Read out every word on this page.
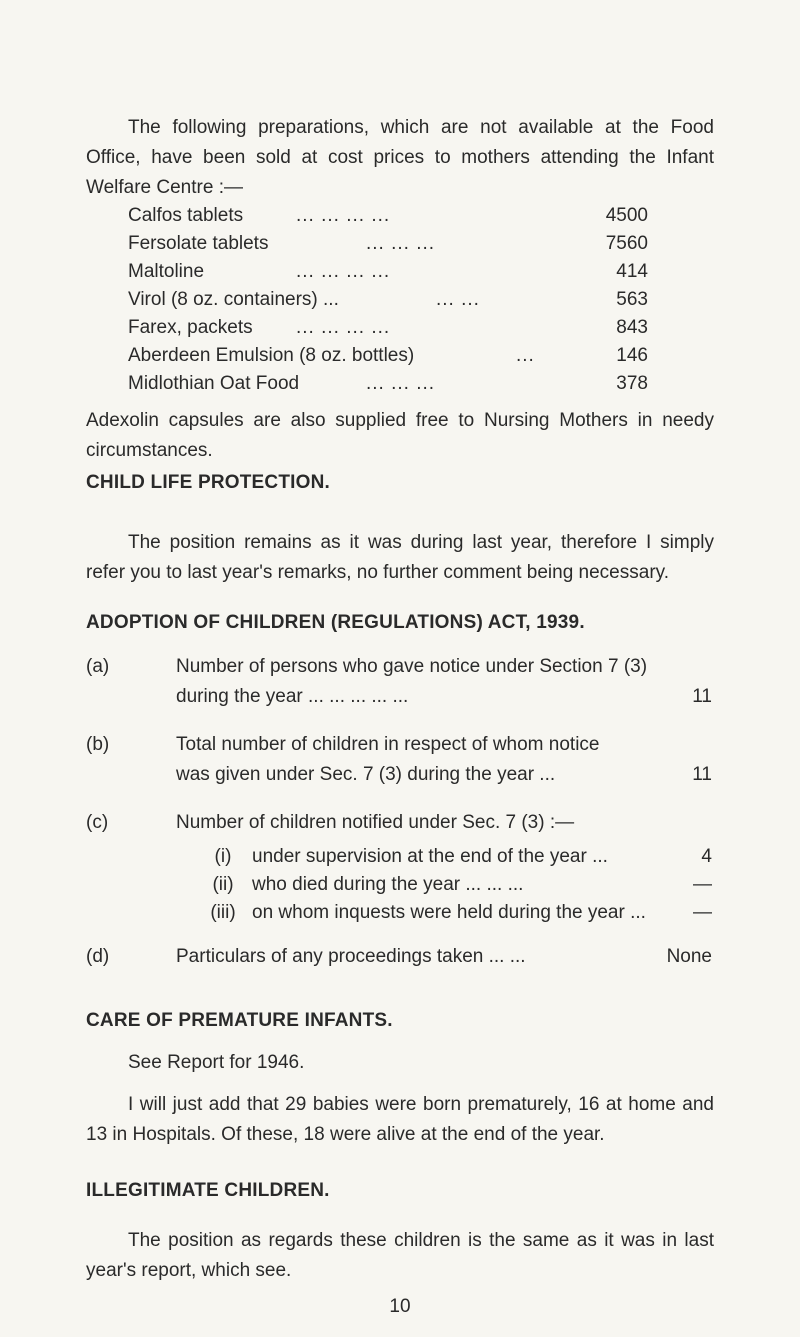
The following preparations, which are not available at the Food Office, have been sold at cost prices to mothers attending the Infant Welfare Centre :—

Calfos tablets	... ... ... ...	4500
Fersolate tablets	... ... ...	7560
Maltoline	... ... ... ...	414
Virol (8 oz. containers) ...	... ...	563
Farex, packets ... ... ... ...	843
Aberdeen Emulsion (8 oz. bottles)	...	146
Midlothian Oat Food	... ... ...	378

Adexolin capsules are also supplied free to Nursing Mothers in needy circumstances.

CHILD LIFE PROTECTION.

The position remains as it was during last year, therefore I simply refer you to last year's remarks, no further comment being necessary.

ADOPTION OF CHILDREN (REGULATIONS) ACT, 1939.
(a)	Number of persons who gave notice under Section 7 (3)
during the year ... ... ... ... ...	11
(b)	Total number of children in respect of whom notice
was given under Sec. 7 (3) during the year ...	11
(c)	Number of children notified under Sec. 7 (3) :—
(i)	under supervision at the end of the year ...	4
(ii) who died during the year ... ... ...	—
(iii) on whom inquests were held during the year ... —
(d)	Particulars of any proceedings taken ... ...	None
CARE OF PREMATURE INFANTS.

See Report for 1946.

I will just add that 29 babies were born prematurely, 16 at home and 13 in Hospitals. Of these, 18 were alive at the end of the year.

ILLEGITIMATE CHILDREN.

The position as regards these children is the same as it was in last year's report, which see.

10
